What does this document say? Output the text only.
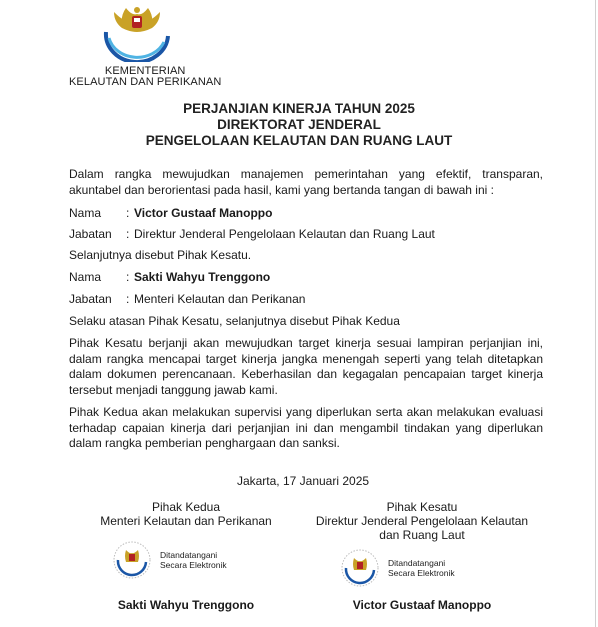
KEMENTERIAN
KELAUTAN DAN PERIKANAN
PERJANJIAN KINERJA TAHUN 2025
DIREKTORAT JENDERAL
PENGELOLAAN KELAUTAN DAN RUANG LAUT
Dalam rangka mewujudkan manajemen pemerintahan yang efektif, transparan, akuntabel dan berorientasi pada hasil, kami yang bertanda tangan di bawah ini :
Nama : Victor Gustaaf Manoppo
Jabatan : Direktur Jenderal Pengelolaan Kelautan dan Ruang Laut
Selanjutnya disebut Pihak Kesatu.
Nama : Sakti Wahyu Trenggono
Jabatan : Menteri Kelautan dan Perikanan
Selaku atasan Pihak Kesatu, selanjutnya disebut Pihak Kedua
Pihak Kesatu berjanji akan mewujudkan target kinerja sesuai lampiran perjanjian ini, dalam rangka mencapai target kinerja jangka menengah seperti yang telah ditetapkan dalam dokumen perencanaan. Keberhasilan dan kegagalan pencapaian target kinerja tersebut menjadi tanggung jawab kami.
Pihak Kedua akan melakukan supervisi yang diperlukan serta akan melakukan evaluasi terhadap capaian kinerja dari perjanjian ini dan mengambil tindakan yang diperlukan dalam rangka pemberian penghargaan dan sanksi.
Jakarta, 17 Januari 2025
Pihak Kedua
Menteri Kelautan dan Perikanan
Ditandatangani
Secara Elektronik
Sakti Wahyu Trenggono
Pihak Kesatu
Direktur Jenderal Pengelolaan Kelautan
dan Ruang Laut
Ditandatangani
Secara Elektronik
Victor Gustaaf Manoppo
